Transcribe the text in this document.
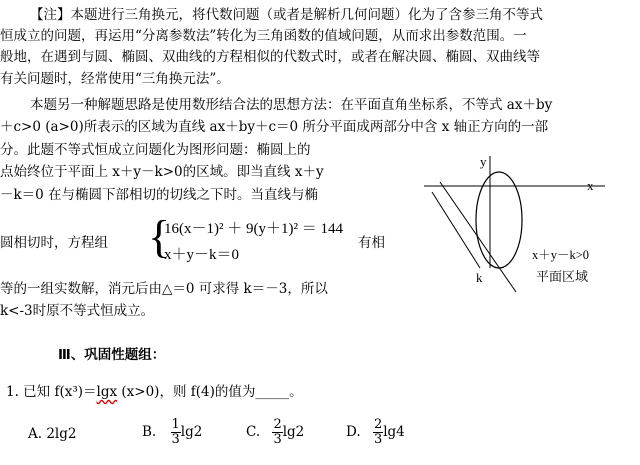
【注】本题进行三角换元，将代数问题（或者是解析几何问题）化为了含参三角不等式
恒成立的问题，再运用“分离参数法”转化为三角函数的值域问题，从而求出参数范围。一
般地，在遇到与圆、椭圆、双曲线的方程相似的代数式时，或者在解决圆、椭圆、双曲线等
有关问题时，经常使用“三角换元法”。
本题另一种解题思路是使用数形结合法的思想方法：在平面直角坐标系，不等式 ax＋by
＋c>0 (a>0)所表示的区域为直线 ax＋by＋c＝0 所分平面成两部分中含 x 轴正方向的一部
分。此题不等式恒成立问题化为图形问题：椭圆上的
点始终位于平面上 x＋y－k>0的区域。即当直线 x＋y
－k＝0 在与椭圆下部相切的切线之下时。当直线与椭
圆相切时，方程组 {
16(x－1)² ＋ 9(y＋1)² ＝ 144
x＋y－k＝0
有相
等的一组实数解，消元后由△＝0 可求得 k＝－3，所以
k<-3时原不等式恒成立。
y
x
k
x＋y－k>0
平面区域
Ⅲ、巩固性题组：
1. 已知 f(x³)＝lgx (x>0)，则 f(4)的值为_____。
A. 2lg2	B. $\frac{1}{3} \lg 2$	C. $\frac{2}{3} \lg 2$	D. $\frac{2}{3} \lg 4$
